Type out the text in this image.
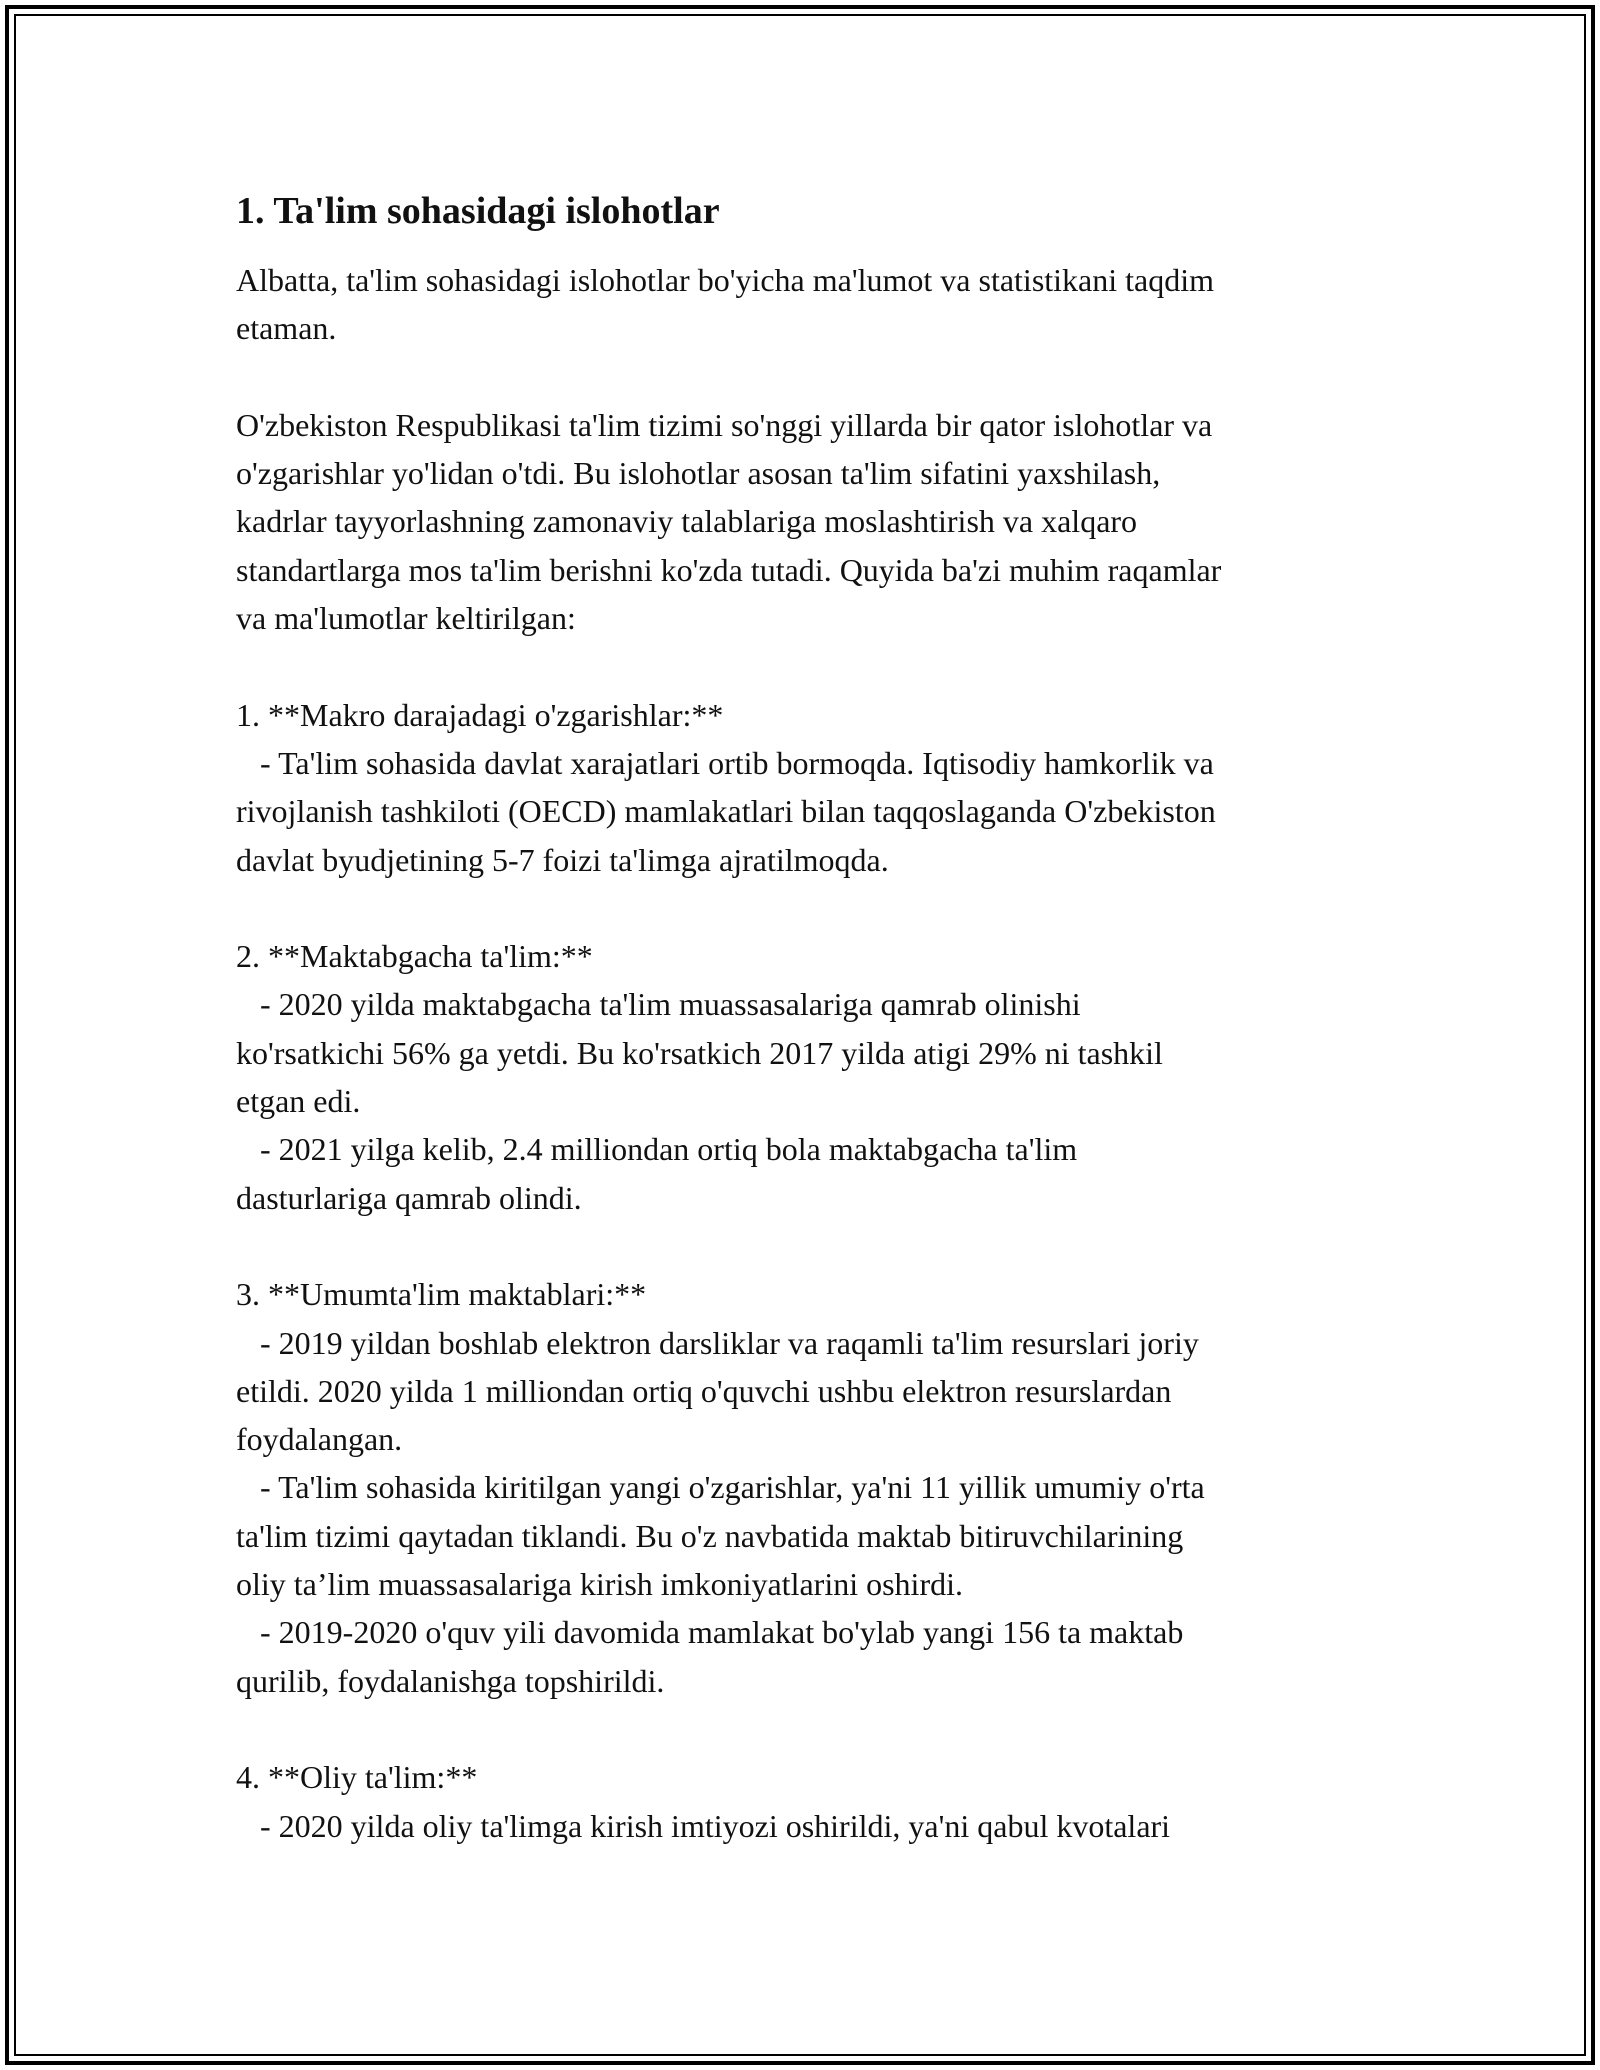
1. Ta'lim sohasidagi islohotlar

Albatta, ta'lim sohasidagi islohotlar bo'yicha ma'lumot va statistikani taqdim
etaman.

O'zbekiston Respublikasi ta'lim tizimi so'nggi yillarda bir qator islohotlar va
o'zgarishlar yo'lidan o'tdi. Bu islohotlar asosan ta'lim sifatini yaxshilash,
kadrlar tayyorlashning zamonaviy talablariga moslashtirish va xalqaro
standartlarga mos ta'lim berishni ko'zda tutadi. Quyida ba'zi muhim raqamlar
va ma'lumotlar keltirilgan:

1. **Makro darajadagi o'zgarishlar:**
- Ta'lim sohasida davlat xarajatlari ortib bormoqda. Iqtisodiy hamkorlik va
rivojlanish tashkiloti (OECD) mamlakatlari bilan taqqoslaganda O'zbekiston
davlat byudjetining 5-7 foizi ta'limga ajratilmoqda.

2. **Maktabgacha ta'lim:**
- 2020 yilda maktabgacha ta'lim muassasalariga qamrab olinishi
ko'rsatkichi 56% ga yetdi. Bu ko'rsatkich 2017 yilda atigi 29% ni tashkil
etgan edi.
- 2021 yilga kelib, 2.4 milliondan ortiq bola maktabgacha ta'lim
dasturlariga qamrab olindi.

3. **Umumta'lim maktablari:**
- 2019 yildan boshlab elektron darsliklar va raqamli ta'lim resurslari joriy
etildi. 2020 yilda 1 milliondan ortiq o'quvchi ushbu elektron resurslardan
foydalangan.
- Ta'lim sohasida kiritilgan yangi o'zgarishlar, ya'ni 11 yillik umumiy o'rta
ta'lim tizimi qaytadan tiklandi. Bu o'z navbatida maktab bitiruvchilarining
oliy ta’lim muassasalariga kirish imkoniyatlarini oshirdi.
- 2019-2020 o'quv yili davomida mamlakat bo'ylab yangi 156 ta maktab
qurilib, foydalanishga topshirildi.

4. **Oliy ta'lim:**
- 2020 yilda oliy ta'limga kirish imtiyozi oshirildi, ya'ni qabul kvotalari
